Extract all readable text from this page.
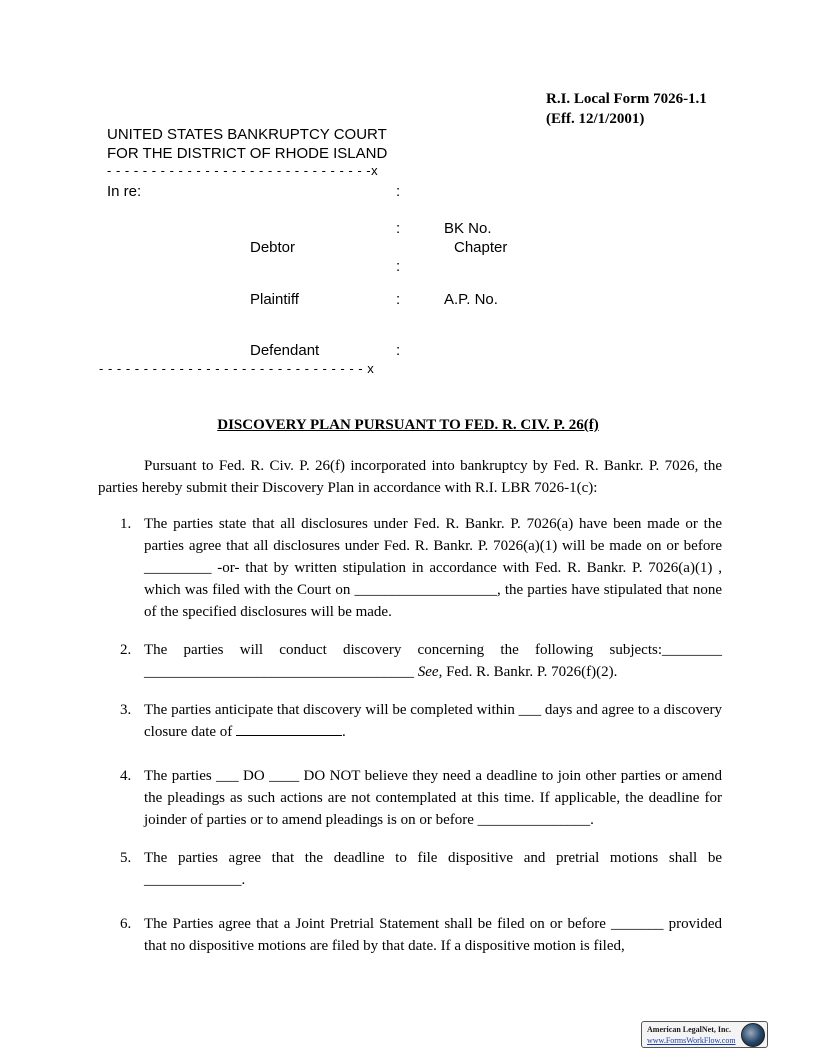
R.I. Local Form 7026-1.1
(Eff. 12/1/2001)
UNITED STATES BANKRUPTCY COURT
FOR THE DISTRICT OF RHODE ISLAND
- - - - - - - - - - - - - - - - - - - - - - - - - - - - - -x
In re:	:
:	BK No.
Debtor	Chapter
:
Plaintiff	:	A.P. No.
Defendant	:
- - - - - - - - - - - - - - - - - - - - - - - - - - - - - - x
DISCOVERY PLAN PURSUANT TO FED. R. CIV. P. 26(f)
Pursuant to Fed. R. Civ. P. 26(f) incorporated into bankruptcy by Fed. R. Bankr. P. 7026, the parties hereby submit their Discovery Plan in accordance with R.I. LBR 7026-1(c):
1. The parties state that all disclosures under Fed. R. Bankr. P. 7026(a) have been made or the parties agree that all disclosures under Fed. R. Bankr. P. 7026(a)(1) will be made on or before _________ -or- that by written stipulation in accordance with Fed. R. Bankr. P. 7026(a)(1) , which was filed with the Court on ___________________, the parties have stipulated that none of the specified disclosures will be made.
2. The parties will conduct discovery concerning the following subjects:________ ____________________________________ See, Fed. R. Bankr. P. 7026(f)(2).
3. The parties anticipate that discovery will be completed within ___ days and agree to a discovery closure date of	.
4. The parties ___ DO ____ DO NOT believe they need a deadline to join other parties or amend the pleadings as such actions are not contemplated at this time. If applicable, the deadline for joinder of parties or to amend pleadings is on or before _______________.
5. The parties agree that the deadline to file dispositive and pretrial motions shall be _____________.
6. The Parties agree that a Joint Pretrial Statement shall be filed on or before _______ provided that no dispositive motions are filed by that date. If a dispositive motion is filed,
American LegalNet, Inc.
www.FormsWorkFlow.com
